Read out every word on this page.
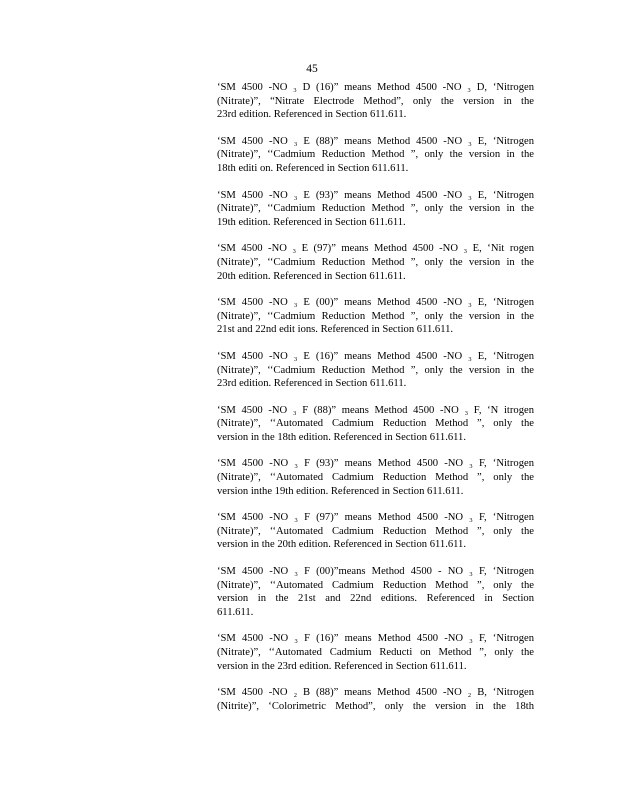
45
‘SM 4500 -NO ₃ D (16)” means Method 4500 -NO ₃ D, ‘Nitrogen
(Nitrate)”, “Nitrate Electrode Method”, only the version in the
23rd edition. Referenced in Section 611.611.
‘SM 4500 -NO ₃ E (88)” means Method 4500 -NO ₃ E, ‘Nitrogen
(Nitrate)”, ‘‘Cadmium Reduction Method ”, only the version in the
18th editi on. Referenced in Section 611.611.
‘SM 4500 -NO ₃ E (93)” means Method 4500 -NO ₃ E, ‘Nitrogen
(Nitrate)”, ‘‘Cadmium Reduction Method ”, only the version in the
19th edition. Referenced in Section 611.611.
‘SM 4500 -NO ₃ E (97)” means Method 4500 -NO ₃ E, ‘Nit rogen
(Nitrate)”, ‘‘Cadmium Reduction Method ”, only the version in the
20th edition. Referenced in Section 611.611.
‘SM 4500 -NO ₃ E (00)” means Method 4500 -NO ₃ E, ‘Nitrogen
(Nitrate)”, ‘‘Cadmium Reduction Method ”, only the version in the
21st and 22nd edit ions. Referenced in Section 611.611.
‘SM 4500 -NO ₃ E (16)” means Method 4500 -NO ₃ E, ‘Nitrogen
(Nitrate)”, ‘‘Cadmium Reduction Method ”, only the version in the
23rd edition. Referenced in Section 611.611.
‘SM 4500 -NO ₃ F (88)” means Method 4500 -NO ₃ F, ‘N itrogen
(Nitrate)”, ‘‘Automated Cadmium Reduction Method ”, only the
version in the 18th edition. Referenced in Section 611.611.
‘SM 4500 -NO ₃ F (93)” means Method 4500 -NO ₃ F, ‘Nitrogen
(Nitrate)”, ‘‘Automated Cadmium Reduction Method ”, only the
version inthe 19th edition. Referenced in Section 611.611.
‘SM 4500 -NO ₃ F (97)” means Method 4500 -NO ₃ F, ‘Nitrogen
(Nitrate)”, ‘‘Automated Cadmium Reduction Method ”, only the
version in the 20th edition. Referenced in Section 611.611.
‘SM 4500 -NO ₃ F (00)”means Method 4500 - NO ₃ F, ‘Nitrogen
(Nitrate)”, ‘‘Automated Cadmium Reduction Method ”, only the
version in the 21st and 22nd editions. Referenced in Section
611.611.
‘SM 4500 -NO ₃ F (16)” means Method 4500 -NO ₃ F, ‘Nitrogen
(Nitrate)”, ‘‘Automated Cadmium Reducti on Method ”, only the
version in the 23rd edition. Referenced in Section 611.611.
‘SM 4500 -NO ₂ B (88)” means Method 4500 -NO ₂ B, ‘Nitrogen
(Nitrite)”, ‘Colorimetric Method”, only the version in the 18th
